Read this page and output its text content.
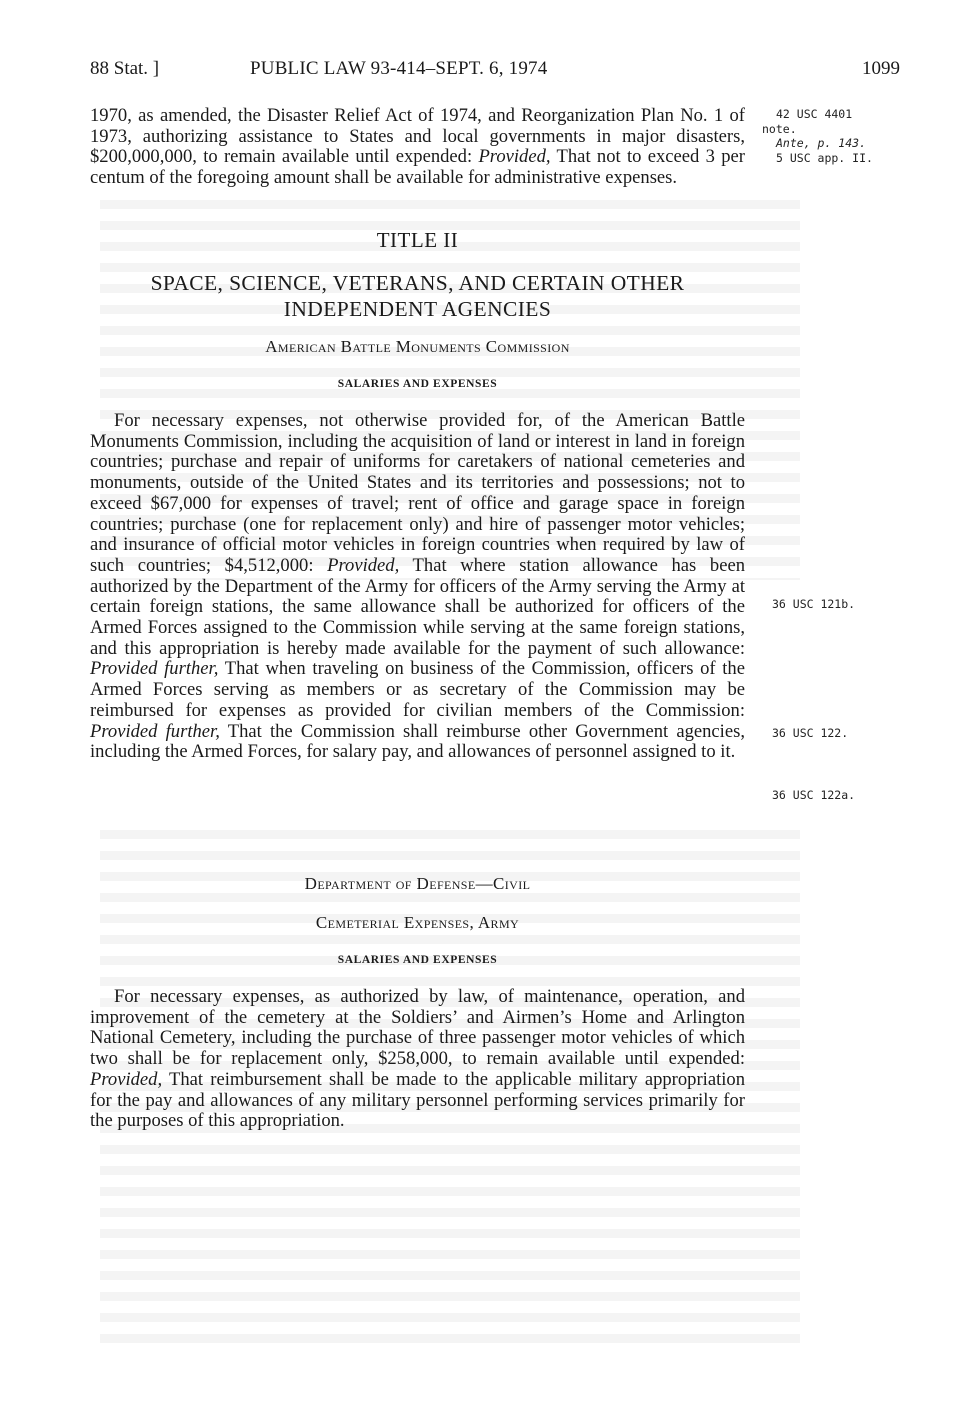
88 Stat. ]	PUBLIC LAW 93-414–SEPT. 6, 1974	1099

1970, as amended, the Disaster Relief Act of 1974, and Reorganization Plan No. 1 of 1973, authorizing assistance to States and local governments in major disasters, $200,000,000, to remain available until expended: Provided, That not to exceed 3 per centum of the foregoing amount shall be available for administrative expenses.

TITLE II

SPACE, SCIENCE, VETERANS, AND CERTAIN OTHER

INDEPENDENT AGENCIES

American Battle Monuments Commission

SALARIES AND EXPENSES

For necessary expenses, not otherwise provided for, of the American Battle Monuments Commission, including the acquisition of land or interest in land in foreign countries; purchase and repair of uniforms for caretakers of national cemeteries and monuments, outside of the United States and its territories and possessions; not to exceed $67,000 for expenses of travel; rent of office and garage space in foreign countries; purchase (one for replacement only) and hire of passenger motor vehicles; and insurance of official motor vehicles in foreign countries when required by law of such countries; $4,512,000: Provided, That where station allowance has been authorized by the Department of the Army for officers of the Army serving the Army at certain foreign stations, the same allowance shall be authorized for officers of the Armed Forces assigned to the Commission while serving at the same foreign stations, and this appropriation is hereby made available for the payment of such allowance: Provided further, That when traveling on business of the Commission, officers of the Armed Forces serving as members or as secretary of the Commission may be reimbursed for expenses as provided for civilian members of the Commission: Provided further, That the Commission shall reimburse other Government agencies, including the Armed Forces, for salary pay, and allowances of personnel assigned to it.

Department of Defense—Civil

Cemeterial Expenses, Army

SALARIES AND EXPENSES

For necessary expenses, as authorized by law, of maintenance, operation, and improvement of the cemetery at the Soldiers’ and Airmen’s Home and Arlington National Cemetery, including the purchase of three passenger motor vehicles of which two shall be for replacement only, $258,000, to remain available until expended: Provided, That reimbursement shall be made to the applicable military appropriation for the pay and allowances of any military personnel performing services primarily for the purposes of this appropriation.

42 USC 4401
note.
Ante, p. 143.
5 USC app. II.
36 USC 121b.
36 USC 122.
36 USC 122a.
